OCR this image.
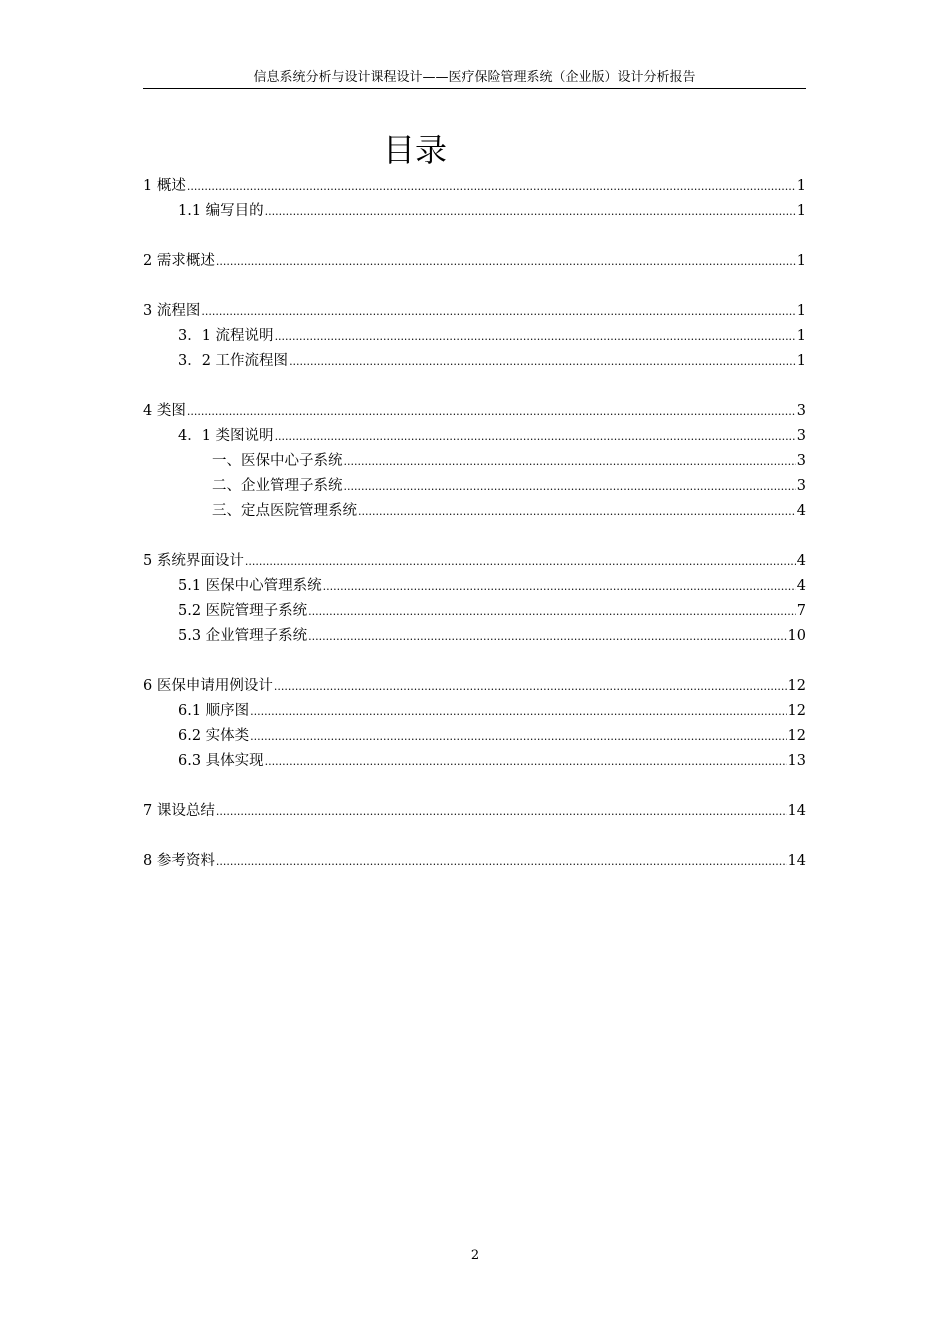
信息系统分析与设计课程设计——医疗保险管理系统（企业版）设计分析报告
目录
1 概述 .....	1
1.1 编写目的 .....	1
2 需求概述 .....	1
3 流程图 .....	1
3．1 流程说明 .....	1
3．2 工作流程图 .....	1
4 类图 .....	3
4．1 类图说明 .....	3
一、医保中心子系统 .....	3
二、企业管理子系统 .....	3
三、定点医院管理系统 .....	4
5 系统界面设计 .....	4
5.1 医保中心管理系统 .....	4
5.2 医院管理子系统 .....	7
5.3 企业管理子系统 .....	10
6 医保申请用例设计 .....	12
6.1 顺序图 .....	12
6.2 实体类 .....	12
6.3 具体实现 .....	13
7 课设总结 .....	14
8 参考资料 .....	14
2
